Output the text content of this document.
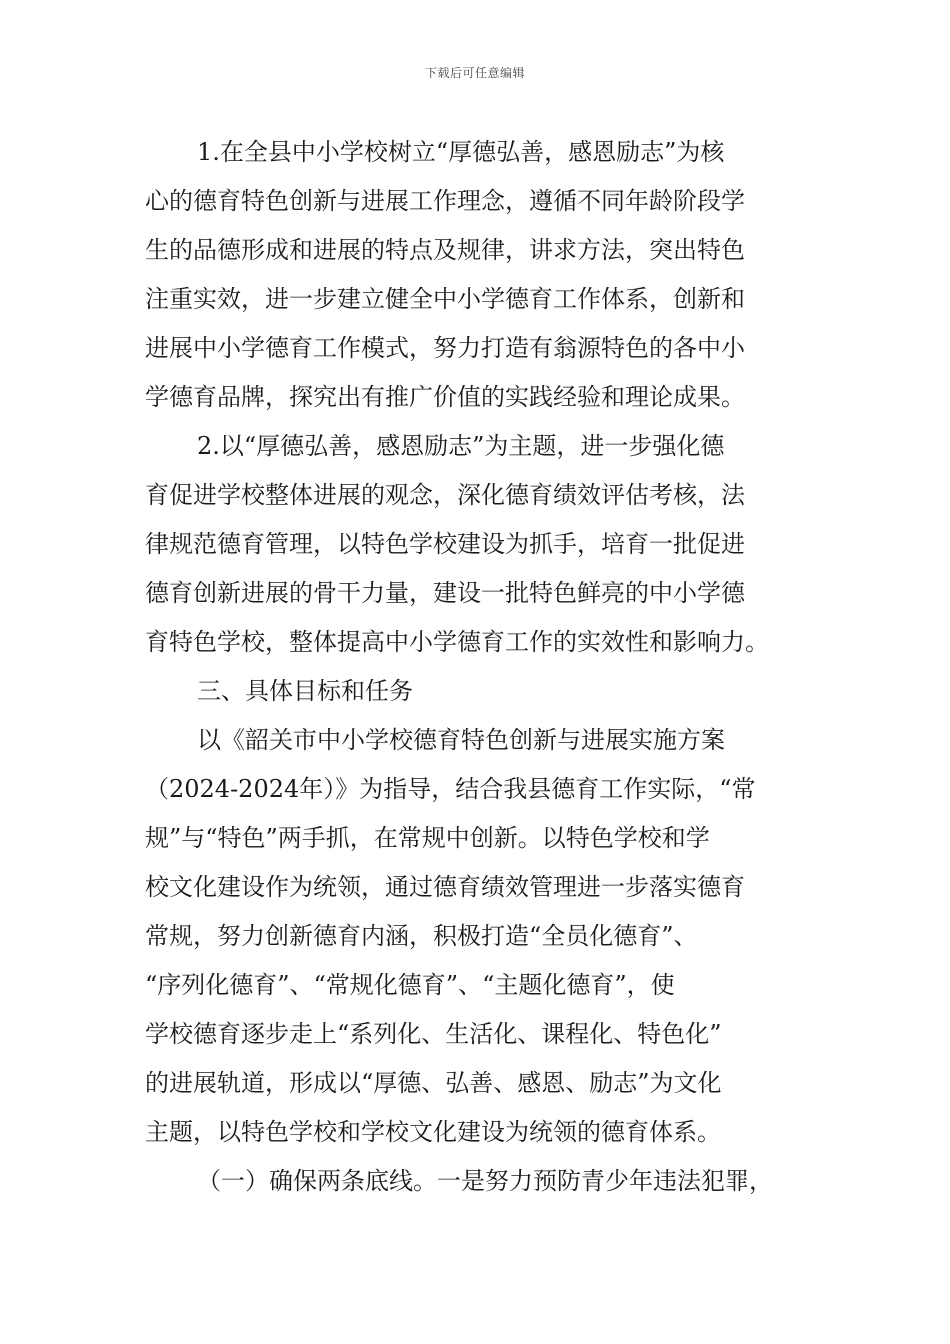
下载后可任意编辑
1.在全县中小学校树立“厚德弘善，感恩励志”为核
心的德育特色创新与进展工作理念，遵循不同年龄阶段学
生的品德形成和进展的特点及规律，讲求方法，突出特色
注重实效，进一步建立健全中小学德育工作体系，创新和
进展中小学德育工作模式，努力打造有翁源特色的各中小
学德育品牌，探究出有推广价值的实践经验和理论成果。
2.以“厚德弘善，感恩励志”为主题，进一步强化德
育促进学校整体进展的观念，深化德育绩效评估考核，法
律规范德育管理，以特色学校建设为抓手，培育一批促进
德育创新进展的骨干力量，建设一批特色鲜亮的中小学德
育特色学校，整体提高中小学德育工作的实效性和影响力。
三、具体目标和任务
以《韶关市中小学校德育特色创新与进展实施方案
（2024-2024年）》为指导，结合我县德育工作实际，“常
规”与“特色”两手抓，在常规中创新。以特色学校和学
校文化建设作为统领，通过德育绩效管理进一步落实德育
常规，努力创新德育内涵，积极打造“全员化德育”、
“序列化德育”、“常规化德育”、“主题化德育”，使
学校德育逐步走上“系列化、生活化、课程化、特色化”
的进展轨道，形成以“厚德、弘善、感恩、励志”为文化
主题，以特色学校和学校文化建设为统领的德育体系。
（一）确保两条底线。一是努力预防青少年违法犯罪，
